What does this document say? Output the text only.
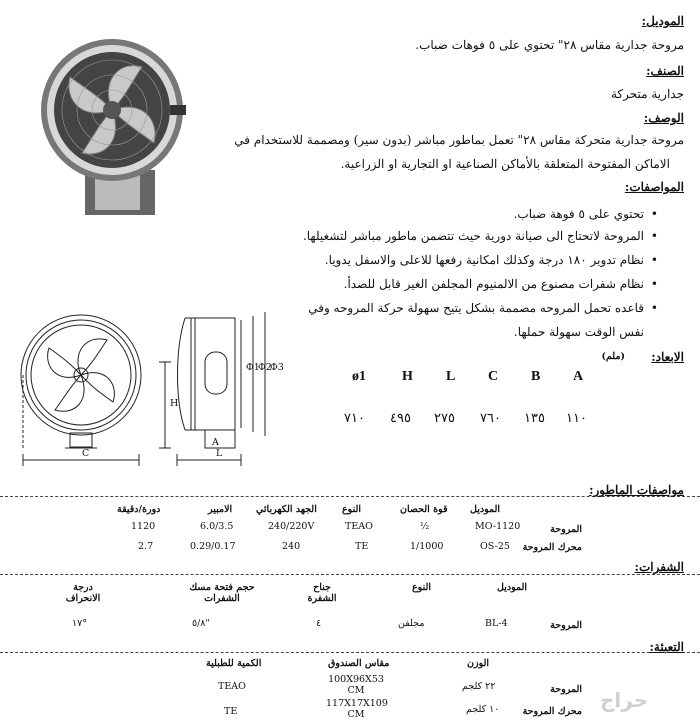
الموديل:
مروحة جدارية مقاس ٢٨" تحتوي على ٥ فوهات ضباب.
الصنف:
جدارية متحركة
الوصف:
مروحة جدارية متحركة مقاس ٢٨" تعمل بماطور مباشر (بدون سير) ومصممة للاستخدام في
الاماكن المفتوحة المتعلقة بالأماكن الصناعية او التجارية او الزراعية.
المواصفات:
تحتوي على ٥ فوهة ضباب. •
المروحة لاتحتاج الى صيانة دورية حيث تتضمن ماطور مباشر لتشغيلها. •
نظام تدوير ١٨٠ درجة وكذلك امكانية رفعها للاعلى والاسفل يدويا. •
نظام شفرات مصنوع من الالمنيوم المجلفن الغير قابل للصدأ. •
قاعده تحمل المروحه مصممة بشكل يتيح سهولة حركة المروحه وفي •
نفس الوقت سهولة حملها.
C
H
A
L
Φ1
Φ2
Φ3
الابعاد:
(ملم)
A
B
C
L
H
ø1
١١٠
١٣٥
٧٦٠
٢٧٥
٤٩٥
٧١٠
مواصفات الماطور:
الموديل
قوة الحصان
النوع
الجهد الكهربائي
الامبير
دورة/دقيقة
المروحة
MO-1120
½
TEAO
240/220V
6.0/3.5
1120
محرك المروحة
OS-25
1/1000
TE
240
0.29/0.17
2.7
الشفرات:
الموديل
النوع
جناح الشفرة
حجم فتحة مسك الشفرات
درجة الانحراف
المروحة
BL-4
مجلفن
٤
٥/٨"
١٧°
التعبئة:
الوزن
مقاس الصندوق
الكمية للطبلية
المروحة
٢٢ كلجم
100X96X53 CM
TEAO
محرك المروحة
١٠ كلجم
117X17X109 CM
TE	حراج
